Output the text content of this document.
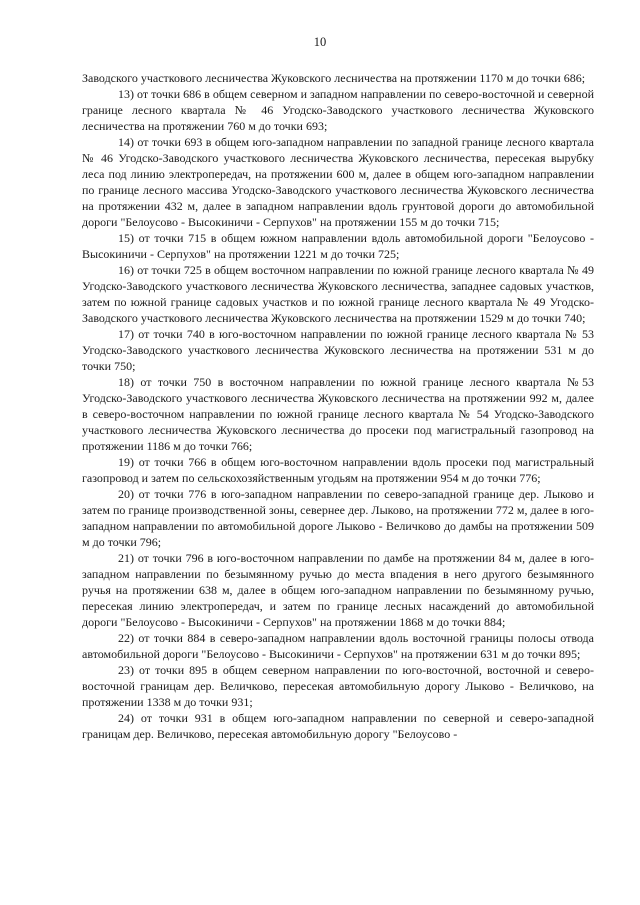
10

Заводского участкового лесничества Жуковского лесничества на протяжении 1170 м до точки 686;

13) от точки 686 в общем северном и западном направлении по северо-восточной и северной границе лесного квартала № 46 Угодско-Заводского участкового лесничества Жуковского лесничества на протяжении 760 м до точки 693;

14) от точки 693 в общем юго-западном направлении по западной границе лесного квартала № 46 Угодско-Заводского участкового лесничества Жуковского лесничества, пересекая вырубку леса под линию электропередач, на протяжении 600 м, далее в общем юго-западном направлении по границе лесного массива Угодско-Заводского участкового лесничества Жуковского лесничества на протяжении 432 м, далее в западном направлении вдоль грунтовой дороги до автомобильной дороги "Белоусово - Высокиничи - Серпухов" на протяжении 155 м до точки 715;

15) от точки 715 в общем южном направлении вдоль автомобильной дороги "Белоусово - Высокиничи - Серпухов" на протяжении 1221 м до точки 725;

16) от точки 725 в общем восточном направлении по южной границе лесного квартала № 49 Угодско-Заводского участкового лесничества Жуковского лесничества, западнее садовых участков, затем по южной границе садовых участков и по южной границе лесного квартала № 49 Угодско-Заводского участкового лесничества Жуковского лесничества на протяжении 1529 м до точки 740;

17) от точки 740 в юго-восточном направлении по южной границе лесного квартала № 53 Угодско-Заводского участкового лесничества Жуковского лесничества на протяжении 531 м до точки 750;

18) от точки 750 в восточном направлении по южной границе лесного квартала №53 Угодско-Заводского участкового лесничества Жуковского лесничества на протяжении 992 м, далее в северо-восточном направлении по южной границе лесного квартала № 54 Угодско-Заводского участкового лесничества Жуковского лесничества до просеки под магистральный газопровод на протяжении 1186 м до точки 766;

19) от точки 766 в общем юго-восточном направлении вдоль просеки под магистральный газопровод и затем по сельскохозяйственным угодьям на протяжении 954 м до точки 776;

20) от точки 776 в юго-западном направлении по северо-западной границе дер. Лыково и затем по границе производственной зоны, севернее дер. Лыково, на протяжении 772 м, далее в юго-западном направлении по автомобильной дороге Лыково - Величково до дамбы на протяжении 509 м до точки 796;

21) от точки 796 в юго-восточном направлении по дамбе на протяжении 84 м, далее в юго-западном направлении по безымянному ручью до места впадения в него другого безымянного ручья на протяжении 638 м, далее в общем юго-западном направлении по безымянному ручью, пересекая линию электропередач, и затем по границе лесных насаждений до автомобильной дороги "Белоусово - Высокиничи - Серпухов" на протяжении 1868 м до точки 884;

22) от точки 884 в северо-западном направлении вдоль восточной границы полосы отвода автомобильной дороги "Белоусово - Высокиничи - Серпухов" на протяжении 631 м до точки 895;

23) от точки 895 в общем северном направлении по юго-восточной, восточной и северо-восточной границам дер. Величково, пересекая автомобильную дорогу Лыково - Величково, на протяжении 1338 м до точки 931;

24) от точки 931 в общем юго-западном направлении по северной и северо-западной границам дер. Величково, пересекая автомобильную дорогу "Белоусово -
